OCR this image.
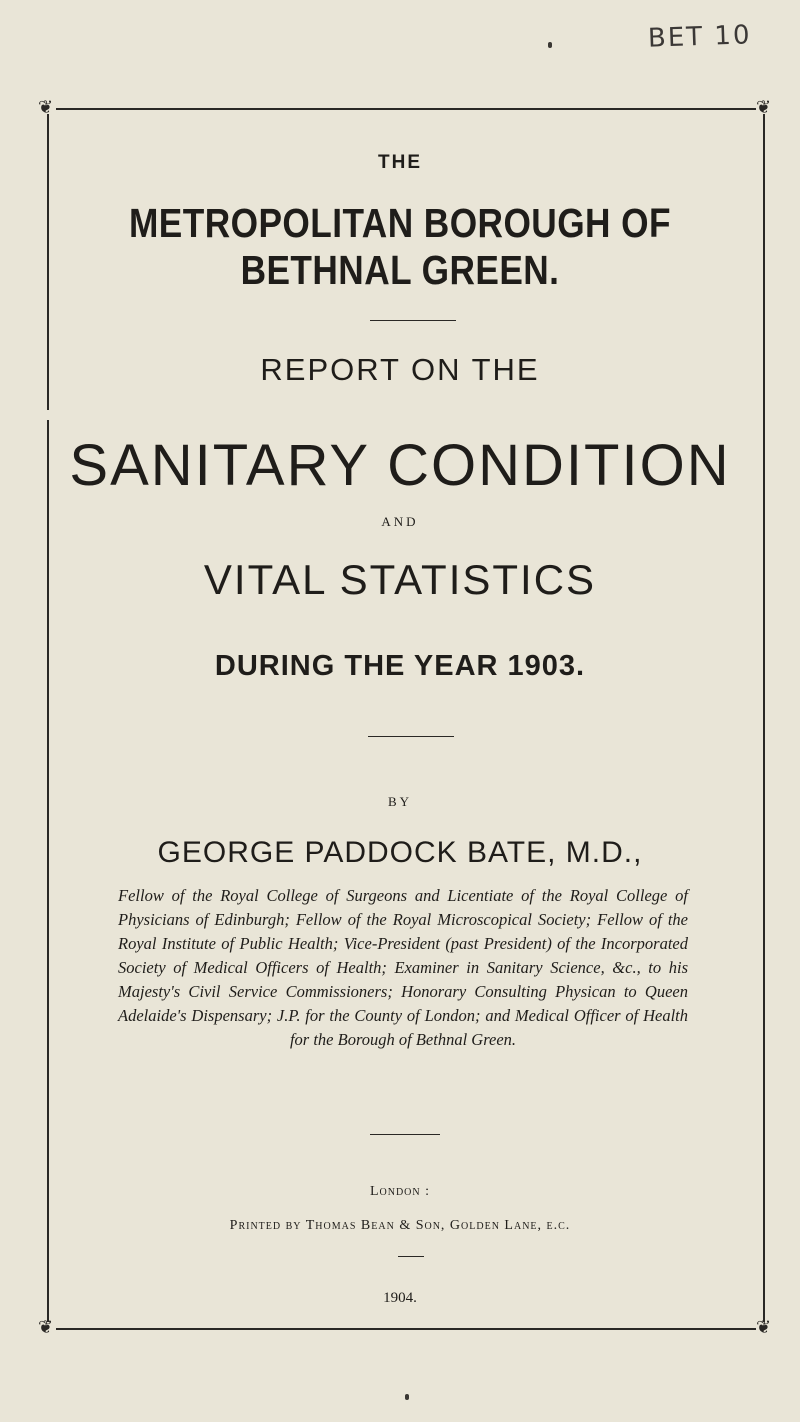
BET 10
❦	❦
❦	❦
THE
METROPOLITAN BOROUGH OF BETHNAL GREEN.
REPORT ON THE
SANITARY CONDITION
AND
VITAL STATISTICS
DURING THE YEAR 1903.
BY
GEORGE PADDOCK BATE, M.D.,
Fellow of the Royal College of Surgeons and Licentiate of the Royal College of Physicians of Edinburgh; Fellow of the Royal Microscopical Society; Fellow of the Royal Institute of Public Health; Vice-President (past President) of the Incorporated Society of Medical Officers of Health; Examiner in Sanitary Science, &c., to his Majesty's Civil Service Commissioners; Honorary Consulting Physican to Queen Adelaide's Dispensary; J.P. for the County of London; and Medical Officer of Health for the Borough of Bethnal Green.
London :
Printed by Thomas Bean & Son, Golden Lane, e.c.
1904.
